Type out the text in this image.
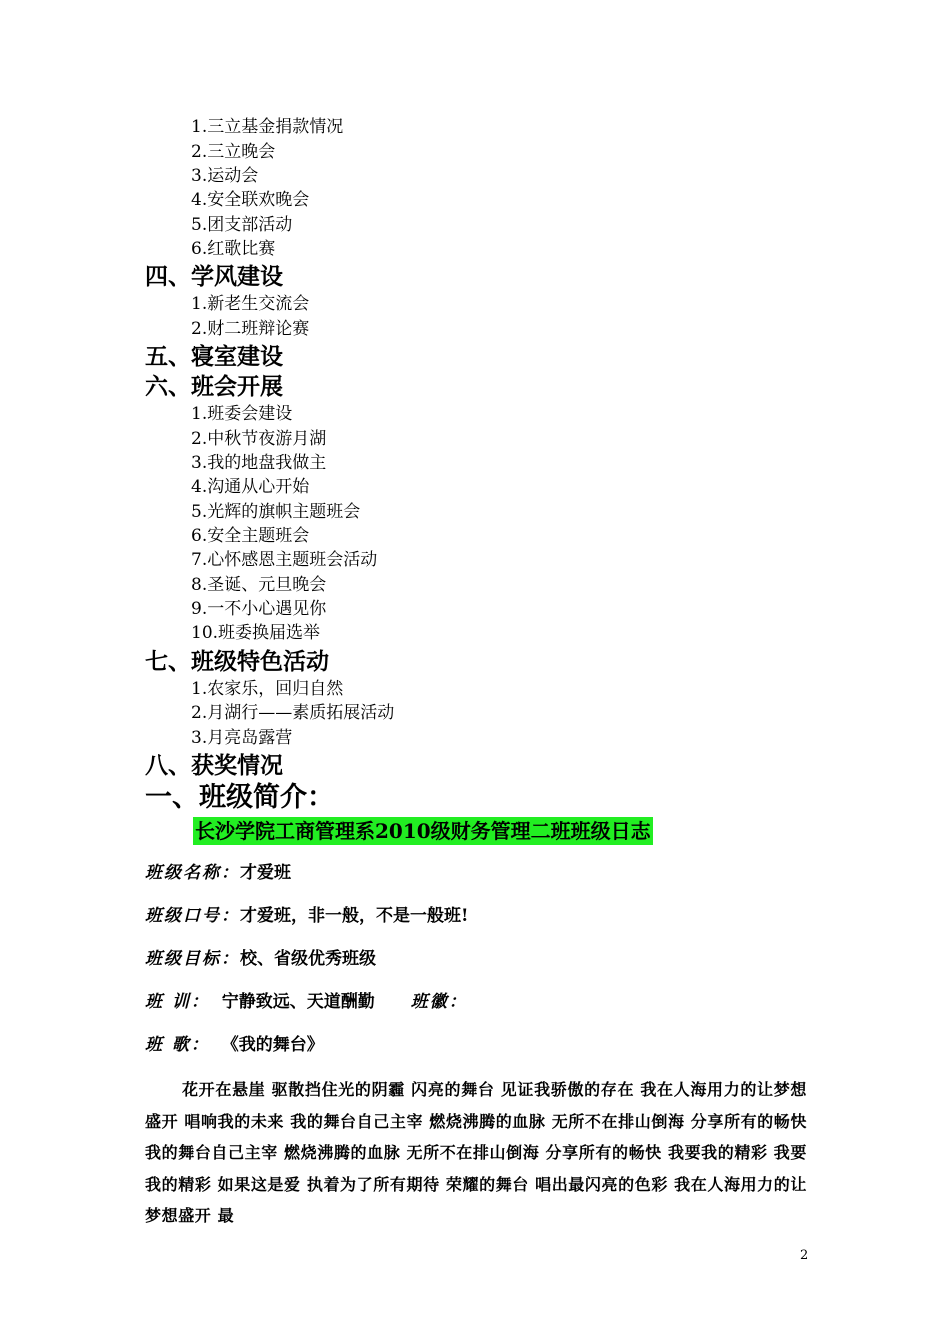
1.三立基金捐款情况
2.三立晚会
3.运动会
4.安全联欢晚会
5.团支部活动
6.红歌比赛
四、学风建设
1.新老生交流会
2.财二班辩论赛
五、寝室建设
六、班会开展
1.班委会建设
2.中秋节夜游月湖
3.我的地盘我做主
4.沟通从心开始
5.光辉的旗帜主题班会
6.安全主题班会
7.心怀感恩主题班会活动
8.圣诞、元旦晚会
9.一不小心遇见你
10.班委换届选举
七、班级特色活动
1.农家乐，回归自然
2.月湖行——素质拓展活动
3.月亮岛露营
八、获奖情况
一、班级简介：
长沙学院工商管理系2010级财务管理二班班级日志
班级名称：才爱班
班级口号：才爱班，非一般，不是一般班!
班级目标：校、省级优秀班级
班 训： 宁静致远、天道酬勤 班徽：
班 歌： 《我的舞台》
花开在悬崖 驱散挡住光的阴霾 闪亮的舞台 见证我骄傲的存在 我在人海用力的让梦想盛开 唱响我的未来 我的舞台自己主宰 燃烧沸腾的血脉 无所不在排山倒海 分享所有的畅快 我的舞台自己主宰 燃烧沸腾的血脉 无所不在排山倒海 分享所有的畅快 我要我的精彩 我要我的精彩 如果这是爱 执着为了所有期待 荣耀的舞台 唱出最闪亮的色彩 我在人海用力的让梦想盛开 最
2
